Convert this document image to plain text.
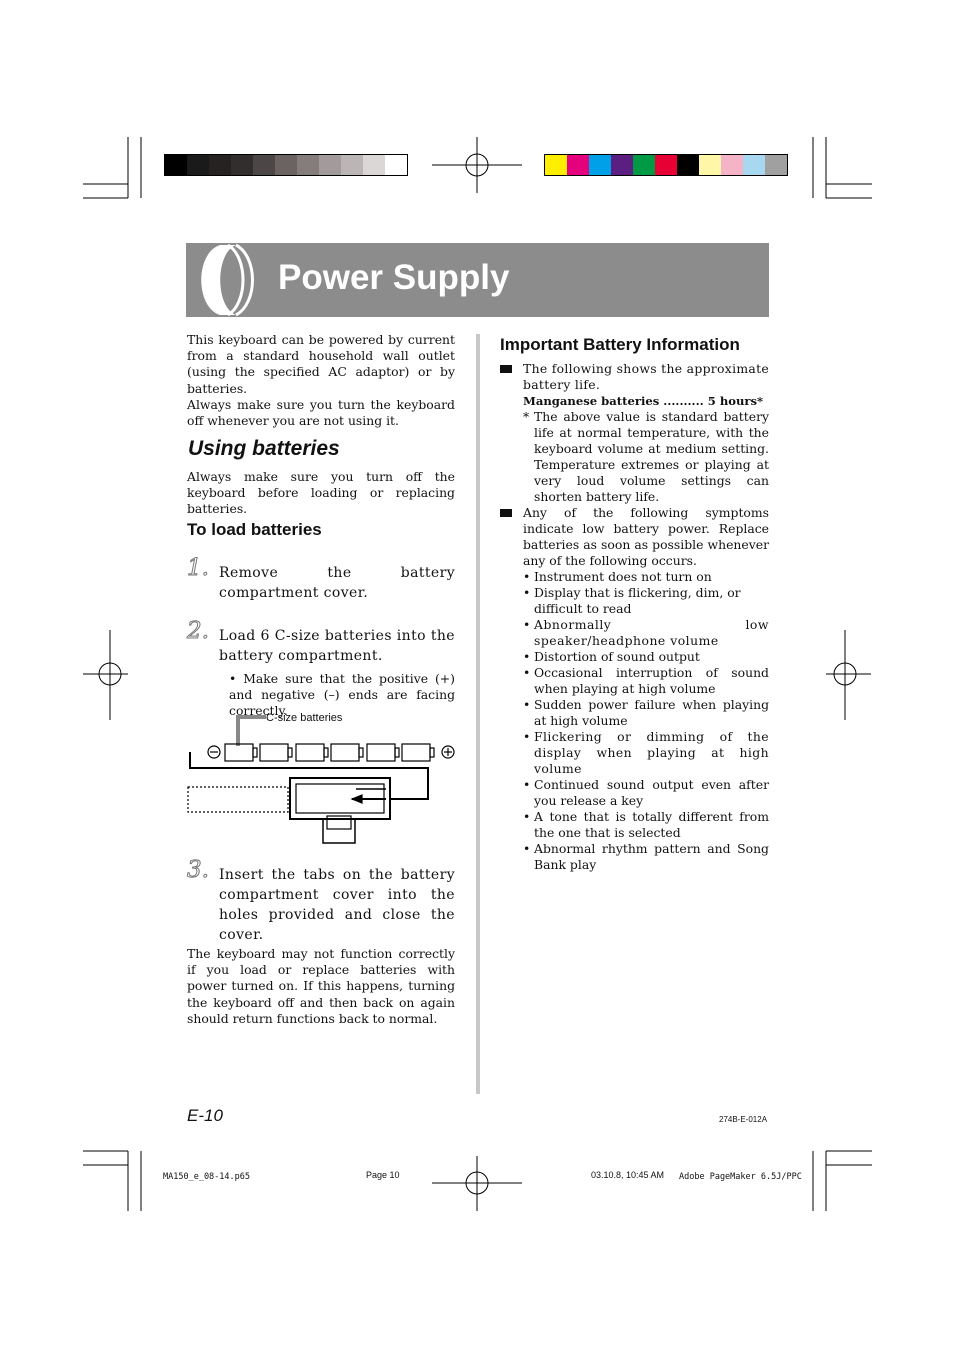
Power Supply
This keyboard can be powered by current from a standard household wall outlet (using the specified AC adaptor) or by batteries.
Always make sure you turn the keyboard off whenever you are not using it.
Using batteries
Always make sure you turn off the keyboard before loading or replacing batteries.
To load batteries
1. Remove the battery compartment cover.
2. Load 6 C-size batteries into the battery compartment.
• Make sure that the positive (+) and negative (–) ends are facing correctly.
C-size batteries
3. Insert the tabs on the battery compartment cover into the holes provided and close the cover.
The keyboard may not function correctly if you load or replace batteries with power turned on. If this happens, turning the keyboard off and then back on again should return functions back to normal.
Important Battery Information
The following shows the approximate battery life.
Manganese batteries .......... 5 hours*
* The above value is standard battery life at normal temperature, with the keyboard volume at medium setting. Temperature extremes or playing at very loud volume settings can shorten battery life.
Any of the following symptoms indicate low battery power. Replace batteries as soon as possible whenever any of the following occurs.
• Instrument does not turn on
• Display that is flickering, dim, or difficult to read
• Abnormally low speaker/headphone volume
• Distortion of sound output
• Occasional interruption of sound when playing at high volume
• Sudden power failure when playing at high volume
• Flickering or dimming of the display when playing at high volume
• Continued sound output even after you release a key
• A tone that is totally different from the one that is selected
• Abnormal rhythm pattern and Song Bank play
E-10	274B-E-012A
MA150_e_08-14.p65	Page 10	03.10.8, 10:45 AM Adobe PageMaker 6.5J/PPC
